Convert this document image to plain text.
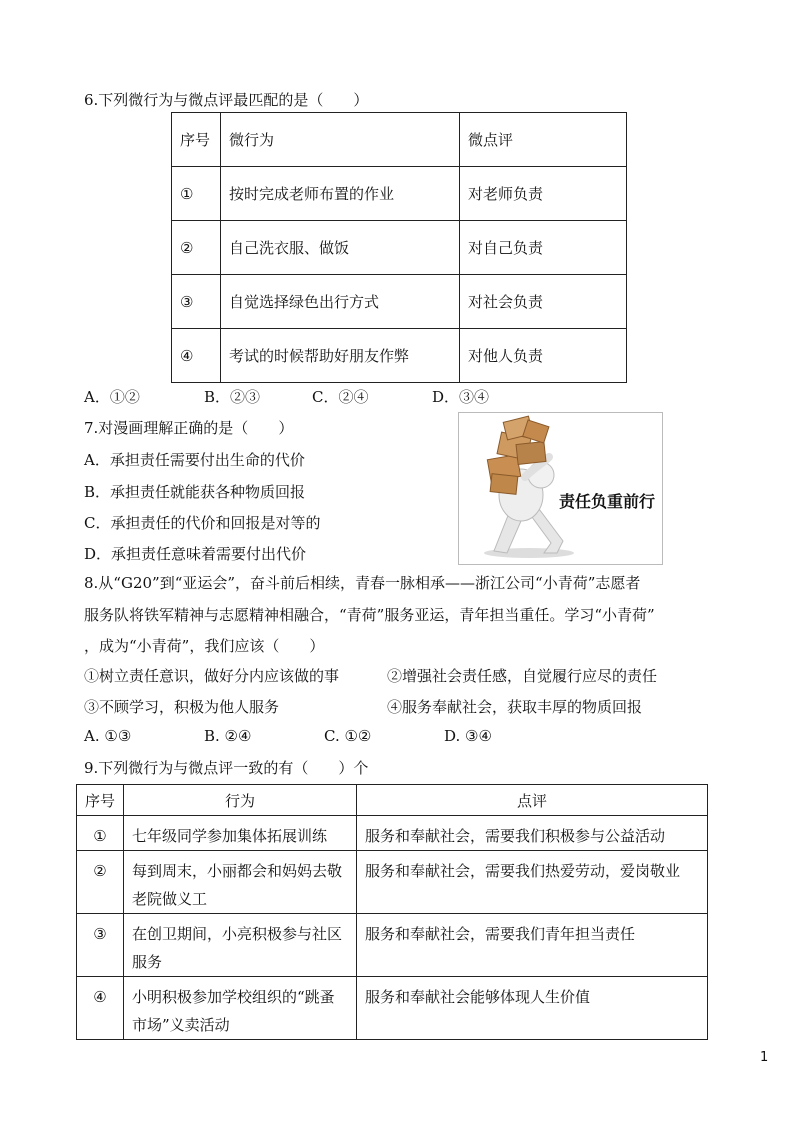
6.下列微行为与微点评最匹配的是（　　）
序号	微行为	微点评
①	按时完成老师布置的作业	对老师负责
②	自己洗衣服、做饭	对自己负责
③	自觉选择绿色出行方式	对社会负责
④	考试的时候帮助好朋友作弊	对他人负责
A．①②	B．②③	C．②④	D．③④
7.对漫画理解正确的是（　　）
A．承担责任需要付出生命的代价
B．承担责任就能获各种物质回报
C．承担责任的代价和回报是对等的
D．承担责任意味着需要付出代价
责任负重前行
8.从“G20”到“亚运会”，奋斗前后相续，青春一脉相承——浙江公司“小青荷”志愿者
服务队将铁军精神与志愿精神相融合，“青荷”服务亚运，青年担当重任。学习“小青荷”
，成为“小青荷”，我们应该（　　）
①树立责任意识，做好分内应该做的事	②增强社会责任感，自觉履行应尽的责任
③不顾学习，积极为他人服务	④服务奉献社会，获取丰厚的物质回报
A. ①③	B. ②④	C. ①②	D. ③④
9.下列微行为与微点评一致的有（　　）个
序号	行为	点评
①	七年级同学参加集体拓展训练	服务和奉献社会，需要我们积极参与公益活动
②	每到周末，小丽都会和妈妈去敬老院做义工	服务和奉献社会，需要我们热爱劳动，爱岗敬业
③	在创卫期间，小亮积极参与社区服务	服务和奉献社会，需要我们青年担当责任
④	小明积极参加学校组织的“跳蚤市场”义卖活动	服务和奉献社会能够体现人生价值
1
